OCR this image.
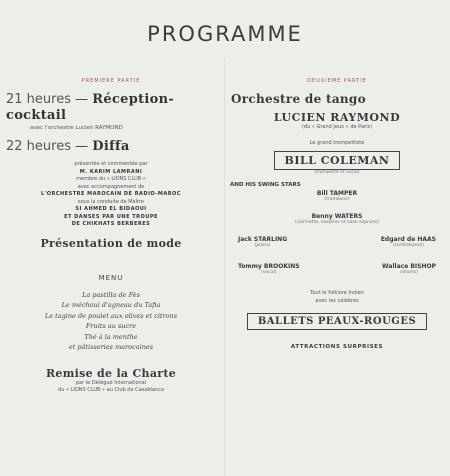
PROGRAMME
PREMIERE PARTIE
21 heures — Réception-cocktail
avec l'orchestre Lucien RAYMOND
22 heures — Diffa
présentée et commentée par
M. KARIM LAMRANI
membre du « LIONS CLUB »
avec accompagnement de
L'ORCHESTRE MAROCAIN DE RADIO-MAROC
sous la conduite de Maître
SI AHMED EL BIDAOUI
ET DANSES PAR UNE TROUPE
DE CHIKHATS BERBERES
Présentation de mode
MENU
La pastilla de Fès
Le méchoui d'agneau du Tafia
Le tagine de poulet aux olives et citrons
Fruits au sucre
Thé à la menthe
et pâtisseries marocaines
Remise de la Charte
par le Délégué International
du « LIONS CLUB » au Club de Casablanca
DEUXIEME PARTIE
Orchestre de tango
LUCIEN RAYMOND
(du « Grand Jeux » de Paris)
Le grand trompettiste
BILL COLEMAN
(trompette et vocal)
AND HIS SWING STARS
Bill TAMPER
(trombone)
Benny WATERS
(clarinette, saxotins et saxo-soprano)
Jack STARLING
(piano)
Edgard de HAAS
(contrebasse)
Tommy BROOKINS
(vocal)
Wallace BISHOP
(drums)
Tout le folklore Indien
avec les célèbres
BALLETS PEAUX-ROUGES
ATTRACTIONS SURPRISES
